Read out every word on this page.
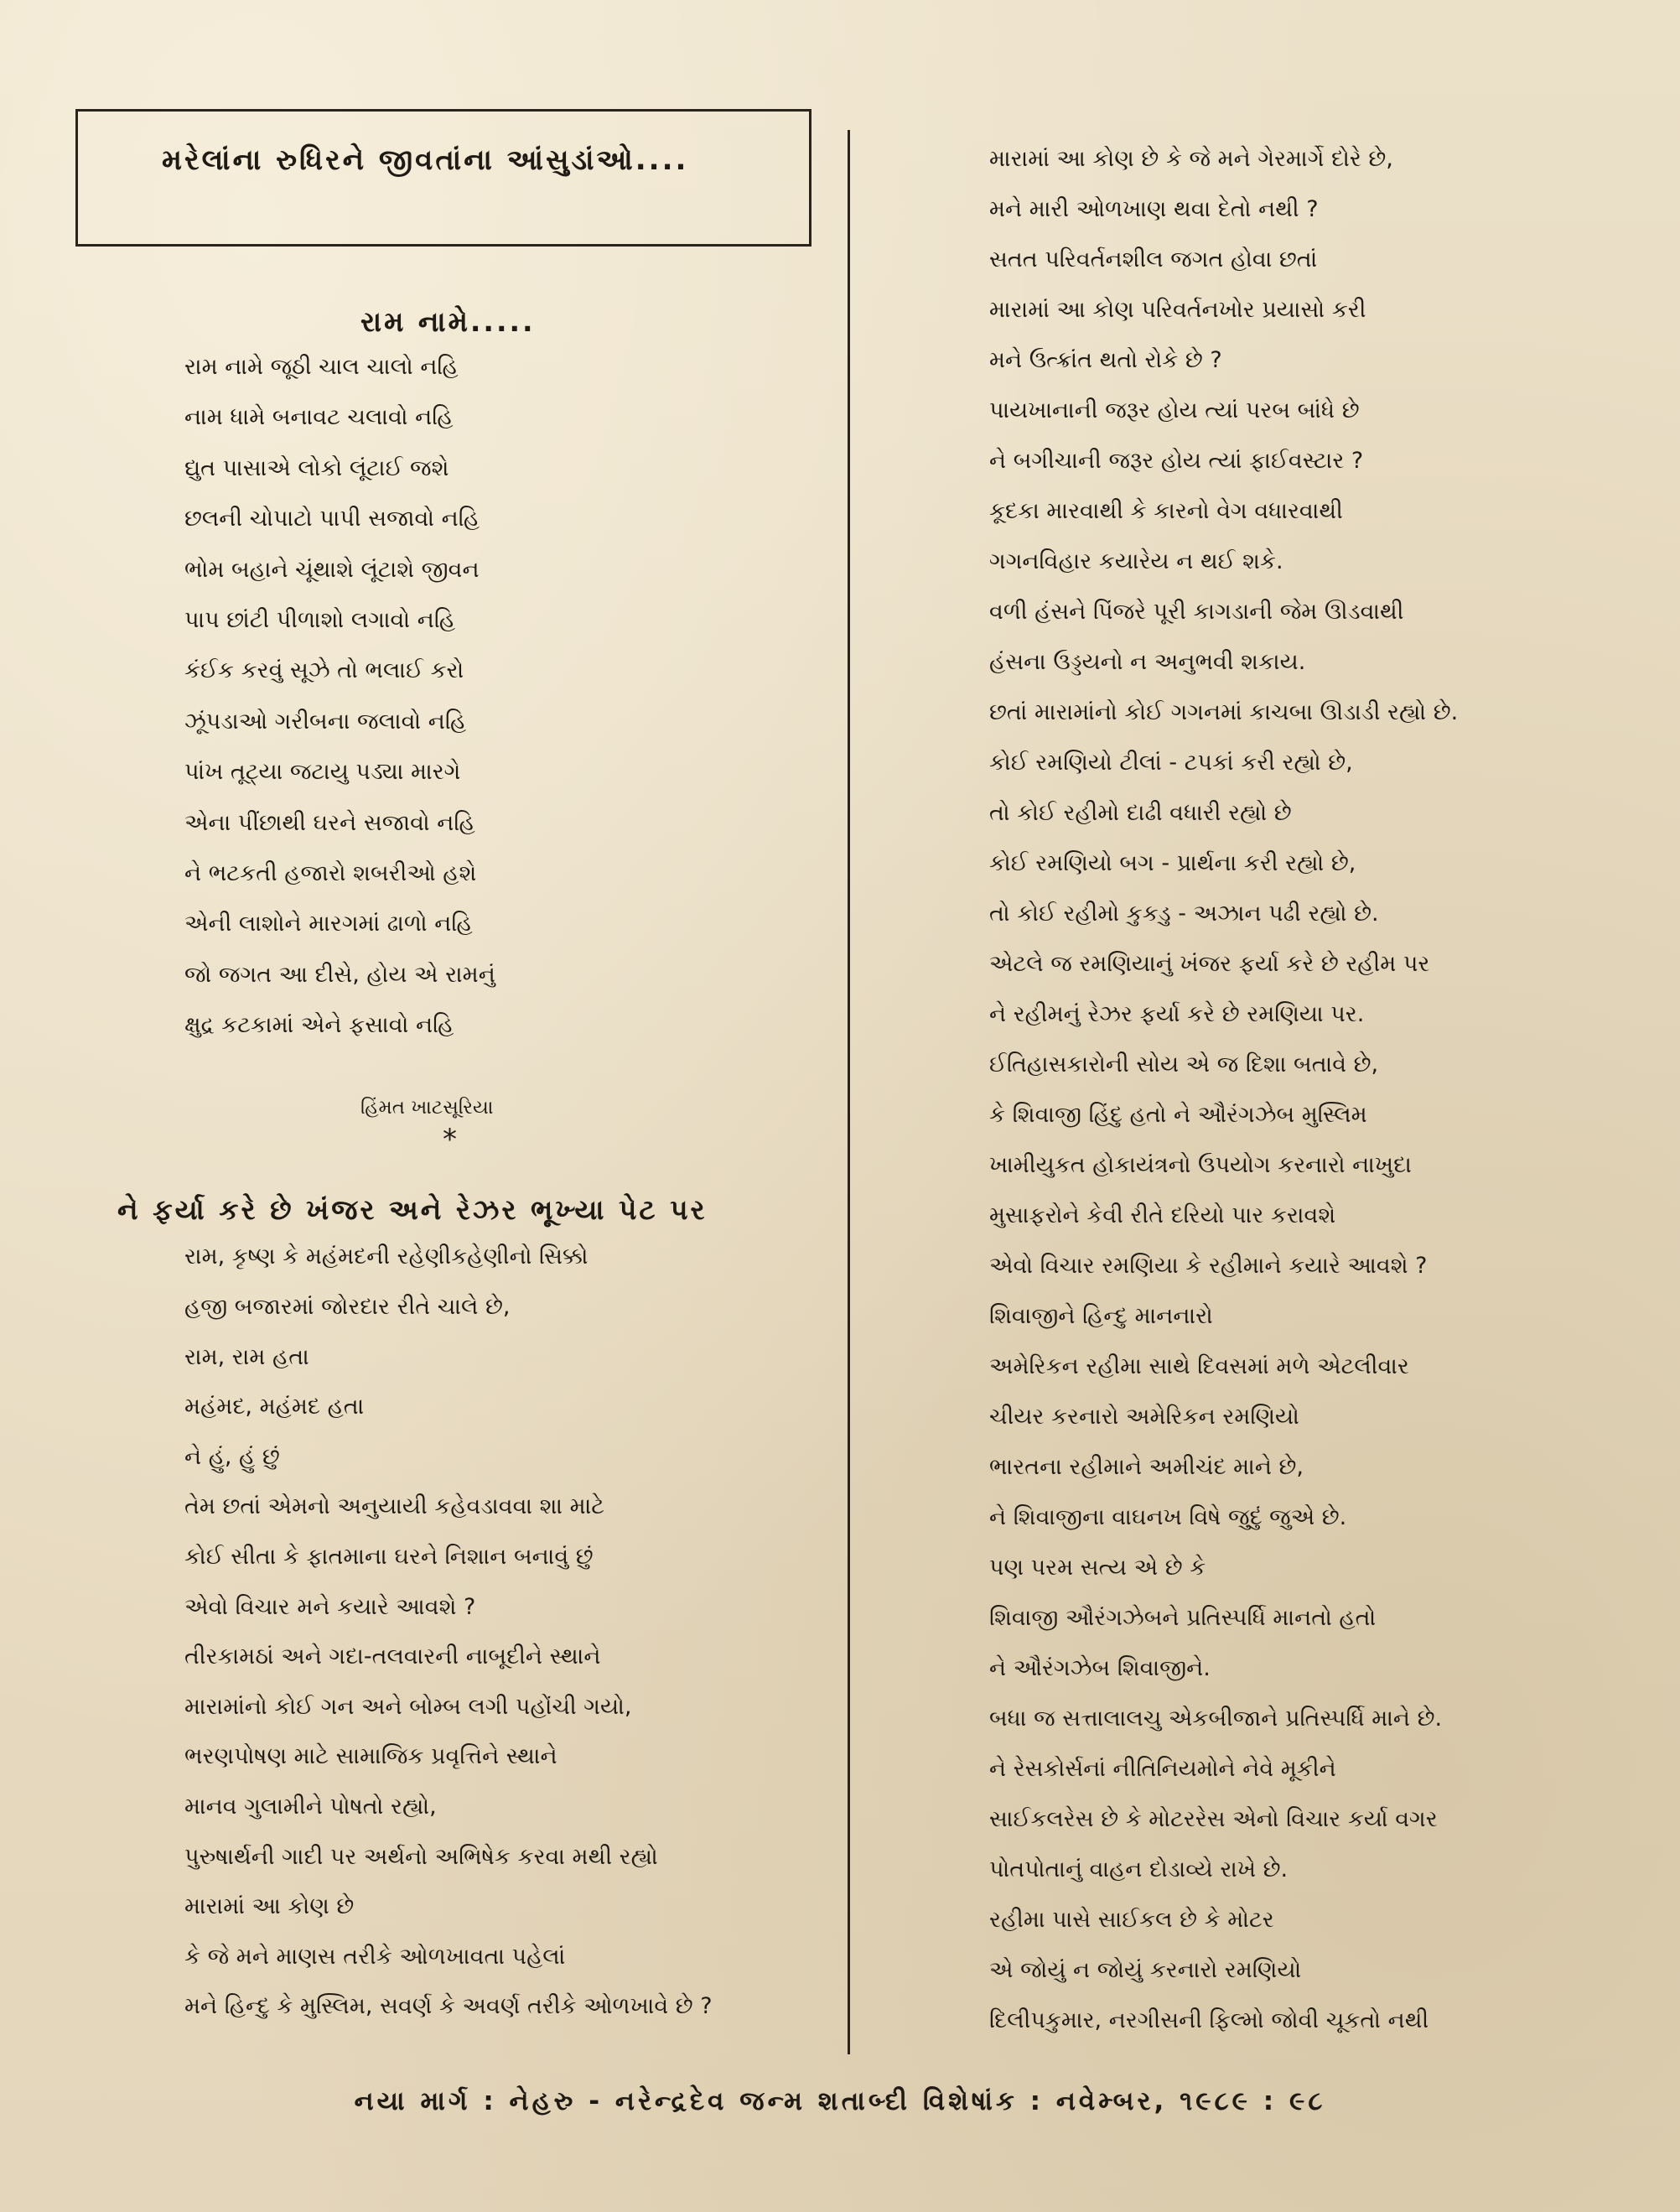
મરેલાંના રુધિરને જીવતાંના આંસુડાંઓ....
રામ નામે.....
રામ નામે જૂઠી ચાલ ચાલો નહિ
નામ ધામે બનાવટ ચલાવો નહિ
દ્યુત પાસાએ લોકો લૂંટાઈ જશે
છલની ચોપાટો પાપી સજાવો નહિ
ભોમ બહાને ચૂંથાશે લૂંટાશે જીવન
પાપ છાંટી પીળાશો લગાવો નહિ
કંઈક કરવું સૂઝે તો ભલાઈ કરો
ઝૂંપડાઓ ગરીબના જલાવો નહિ
પાંખ તૂટ્યા જટાયુ પડ્યા મારગે
એના પીંછાથી ઘરને સજાવો નહિ
ને ભટકતી હજારો શબરીઓ હશે
એની લાશોને મારગમાં ઢાળો નહિ
જો જગત આ દીસે, હોય એ રામનું
ક્ષુદ્ર કટકામાં એને ફસાવો નહિ
હિંમત ખાટસૂરિયા
*
ને ફર્યા કરે છે ખંજર અને રેઝર ભૂખ્યા પેટ પર
રામ, કૃષ્ણ કે મહંમદની રહેણીકહેણીનો સિક્કો
હજી બજારમાં જોરદાર રીતે ચાલે છે,
રામ, રામ હતા
મહંમદ, મહંમદ હતા
ને હું, હું છું
તેમ છતાં એમનો અનુયાયી કહેવડાવવા શા માટે
કોઈ સીતા કે ફાતમાના ઘરને નિશાન બનાવું છું
એવો વિચાર મને કયારે આવશે ?
તીરકામઠાં અને ગદા-તલવારની નાબૂદીને સ્થાને
મારામાંનો કોઈ ગન અને બોમ્બ લગી પહોંચી ગયો,
ભરણપોષણ માટે સામાજિક પ્રવૃત્તિને સ્થાને
માનવ ગુલામીને પોષતો રહ્યો,
પુરુષાર્થની ગાદી પર અર્થનો અભિષેક કરવા મથી રહ્યો
મારામાં આ કોણ છે
કે જે મને માણસ તરીકે ઓળખાવતા પહેલાં
મને હિન્દુ કે મુસ્લિમ, સવર્ણ કે અવર્ણ તરીકે ઓળખાવે છે ?
મારામાં આ કોણ છે કે જે મને ગેરમાર્ગે દોરે છે,
મને મારી ઓળખાણ થવા દેતો નથી ?
સતત પરિવર્તનશીલ જગત હોવા છતાં
મારામાં આ કોણ પરિવર્તનખોર પ્રયાસો કરી
મને ઉત્ક્રાંત થતો રોકે છે ?
પાયખાનાની જરૂર હોય ત્યાં પરબ બાંધે છે
ને બગીચાની જરૂર હોય ત્યાં ફાઈવસ્ટાર ?
કૂદકા મારવાથી કે કારનો વેગ વધારવાથી
ગગનવિહાર કયારેય ન થઈ શકે.
વળી હંસને પિંજરે પૂરી કાગડાની જેમ ઊડવાથી
હંસના ઉડ્ડયનો ન અનુભવી શકાય.
છતાં મારામાંનો કોઈ ગગનમાં કાચબા ઊડાડી રહ્યો છે.
કોઈ રમણિયો ટીલાં - ટપકાં કરી રહ્યો છે,
તો કોઈ રહીમો દાઢી વધારી રહ્યો છે
કોઈ રમણિયો બગ - પ્રાર્થના કરી રહ્યો છે,
તો કોઈ રહીમો કુકડુ - અઝાન પઢી રહ્યો છે.
એટલે જ રમણિયાનું ખંજર ફર્યા કરે છે રહીમ પર
ને રહીમનું રેઝર ફર્યા કરે છે રમણિયા પર.
ઈતિહાસકારોની સોય એ જ દિશા બતાવે છે,
કે શિવાજી હિંદુ હતો ને ઔરંગઝેબ મુસ્લિમ
ખામીયુકત હોકાયંત્રનો ઉપયોગ કરનારો નાખુદા
મુસાફરોને કેવી રીતે દરિયો પાર કરાવશે
એવો વિચાર રમણિયા કે રહીમાને કયારે આવશે ?
શિવાજીને હિન્દુ માનનારો
અમેરિકન રહીમા સાથે દિવસમાં મળે એટલીવાર
ચીયર કરનારો અમેરિકન રમણિયો
ભારતના રહીમાને અમીચંદ માને છે,
ને શિવાજીના વાઘનખ વિષે જુદું જુએ છે.
પણ પરમ સત્ય એ છે કે
શિવાજી ઔરંગઝેબને પ્રતિસ્પર્ધિ માનતો હતો
ને ઔરંગઝેબ શિવાજીને.
બધા જ સત્તાલાલચુ એકબીજાને પ્રતિસ્પર્ધિ માને છે.
ને રેસકોર્સનાં નીતિનિયમોને નેવે મૂકીને
સાઈકલરેસ છે કે મોટરરેસ એનો વિચાર કર્યા વગર
પોતપોતાનું વાહન દોડાવ્યે રાખે છે.
રહીમા પાસે સાઈકલ છે કે મોટર
એ જોયું ન જોયું કરનારો રમણિયો
દિલીપકુમાર, નરગીસની ફિલ્મો જોવી ચૂકતો નથી
નયા માર્ગ : નેહરુ - નરેન્દ્રદેવ જન્મ શતાબ્દી વિશેષાંક : નવેમ્બર, ૧૯૮૯ : ૯૮
